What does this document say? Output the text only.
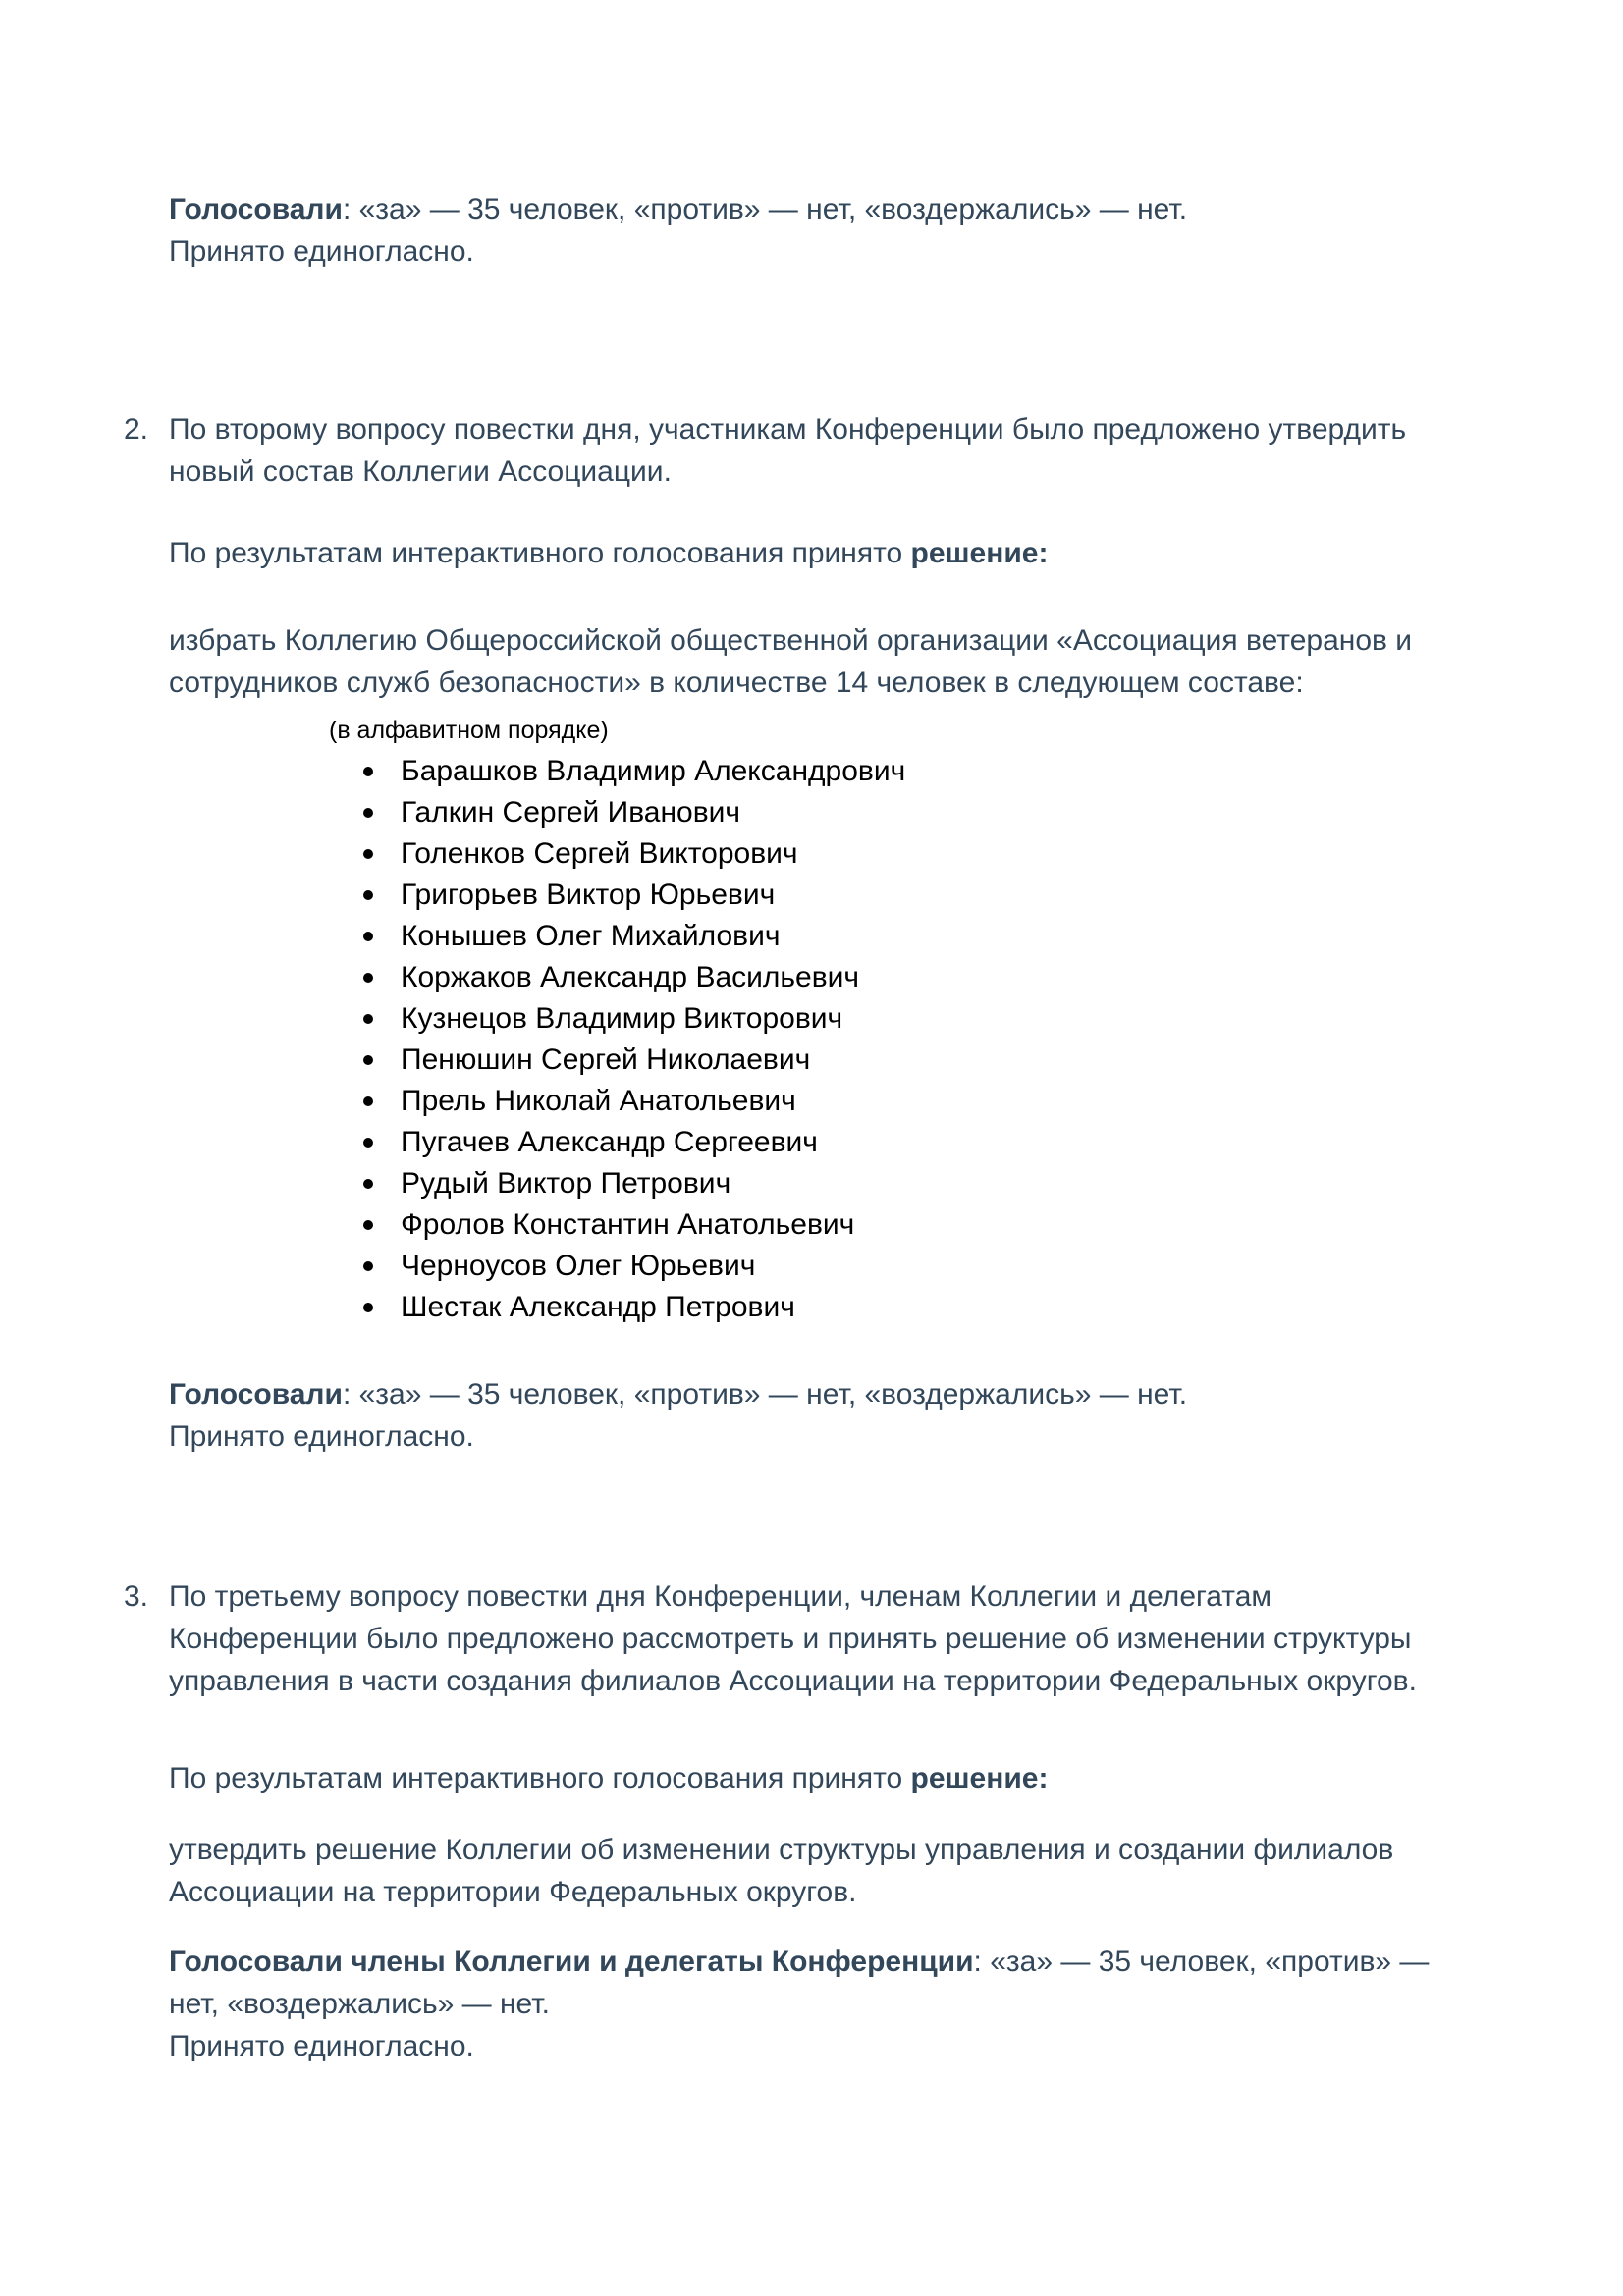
Голосовали: «за» — 35 человек, «против» — нет, «воздержались» — нет.
Принято единогласно.

2. По второму вопросу повестки дня, участникам Конференции было предложено утвердить новый состав Коллегии Ассоциации.

По результатам интерактивного голосования принято решение:

избрать Коллегию Общероссийской общественной организации «Ассоциация ветеранов и сотрудников служб безопасности» в количестве 14 человек в следующем составе:

(в алфавитном порядке)

Барашков Владимир Александрович
Галкин Сергей Иванович
Голенков Сергей Викторович
Григорьев Виктор Юрьевич
Конышев Олег Михайлович
Коржаков Александр Васильевич
Кузнецов Владимир Викторович
Пенюшин Сергей Николаевич
Прель Николай Анатольевич
Пугачев Александр Сергеевич
Рудый Виктор Петрович
Фролов Константин Анатольевич
Черноусов Олег Юрьевич
Шестак Александр Петрович

Голосовали: «за» — 35 человек, «против» — нет, «воздержались» — нет.
Принято единогласно.

3. По третьему вопросу повестки дня Конференции, членам Коллегии и делегатам Конференции было предложено рассмотреть и принять решение об изменении структуры управления в части создания филиалов Ассоциации на территории Федеральных округов.

По результатам интерактивного голосования принято решение:

утвердить решение Коллегии об изменении структуры управления и создании филиалов Ассоциации на территории Федеральных округов.

Голосовали члены Коллегии и делегаты Конференции: «за» — 35 человек, «против» — нет, «воздержались» — нет.
Принято единогласно.
